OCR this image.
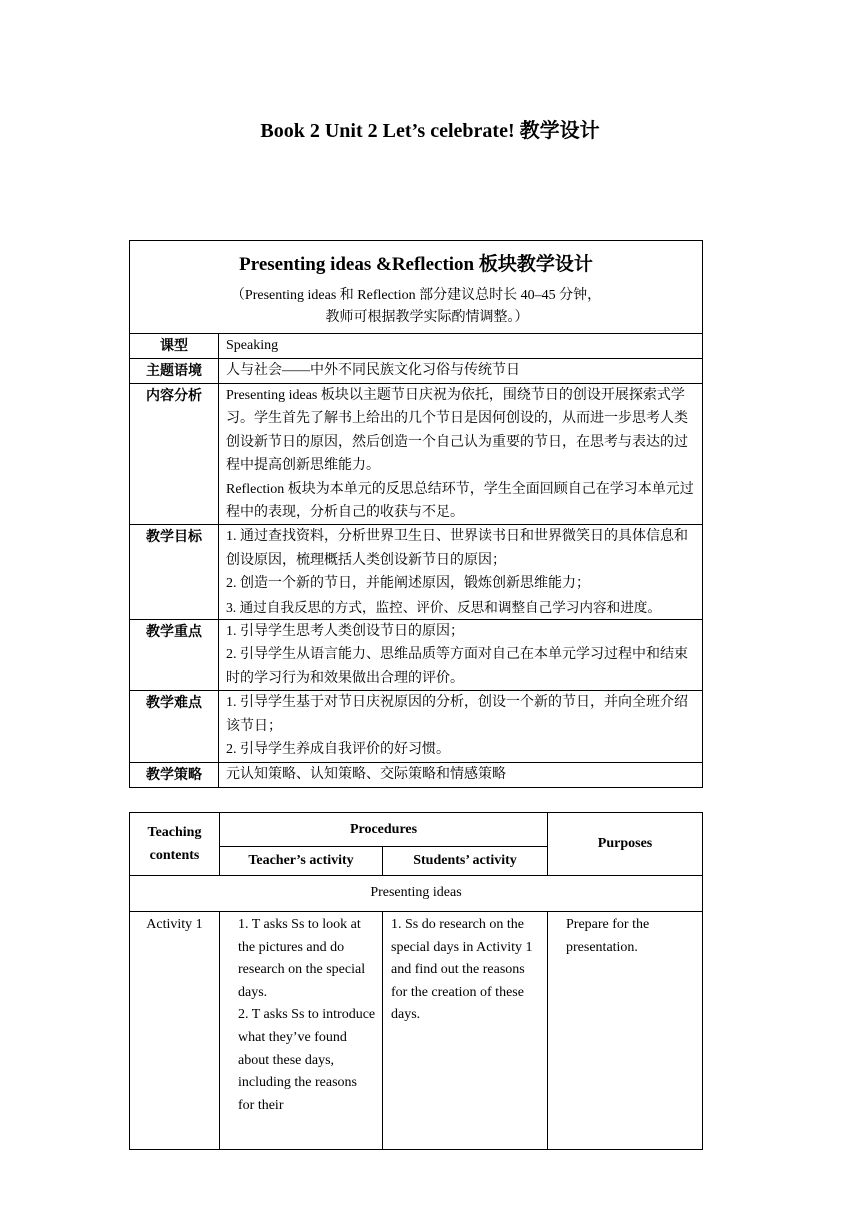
Book 2 Unit 2 Let’s celebrate! 教学设计
Presenting ideas &Reflection 板块教学设计
（Presenting ideas 和 Reflection 部分建议总时长 40–45 分钟，
教师可根据教学实际酌情调整。）	

课型	Speaking
主题语境	人与社会——中外不同民族文化习俗与传统节日
内容分析	Presenting ideas 板块以主题节日庆祝为依托，围绕节日的创设开展探索式学习。学生首先了解书上给出的几个节日是因何创设的，从而进一步思考人类创设新节日的原因，然后创造一个自己认为重要的节日，在思考与表达的过程中提高创新思维能力。
Reflection 板块为本单元的反思总结环节，学生全面回顾自己在学习本单元过程中的表现，分析自己的收获与不足。

教学目标	1. 通过查找资料，分析世界卫生日、世界读书日和世界微笑日的具体信息和创设原因，梳理概括人类创设新节日的原因；
2. 创造一个新的节日，并能阐述原因，锻炼创新思维能力；
3. 通过自我反思的方式，监控、评价、反思和调整自己学习内容和进度。

教学重点	1. 引导学生思考人类创设节日的原因；
2. 引导学生从语言能力、思维品质等方面对自己在本单元学习过程中和结束时的学习行为和效果做出合理的评价。

教学难点	1. 引导学生基于对节日庆祝原因的分析，创设一个新的节日，并向全班介绍该节日；
2. 引导学生养成自我评价的好习惯。

教学策略	元认知策略、认知策略、交际策略和情感策略
Teaching contents	Procedures		Purposes
	Teacher’s activity	Students’ activity	
Presenting ideas			
Activity 1	1. T asks Ss to look at the pictures and do research on the special days.
2. T asks Ss to introduce what they’ve found about these days, including the reasons for their	1. Ss do research on the special days in Activity 1 and find out the reasons for the creation of these days.	Prepare for the presentation.
